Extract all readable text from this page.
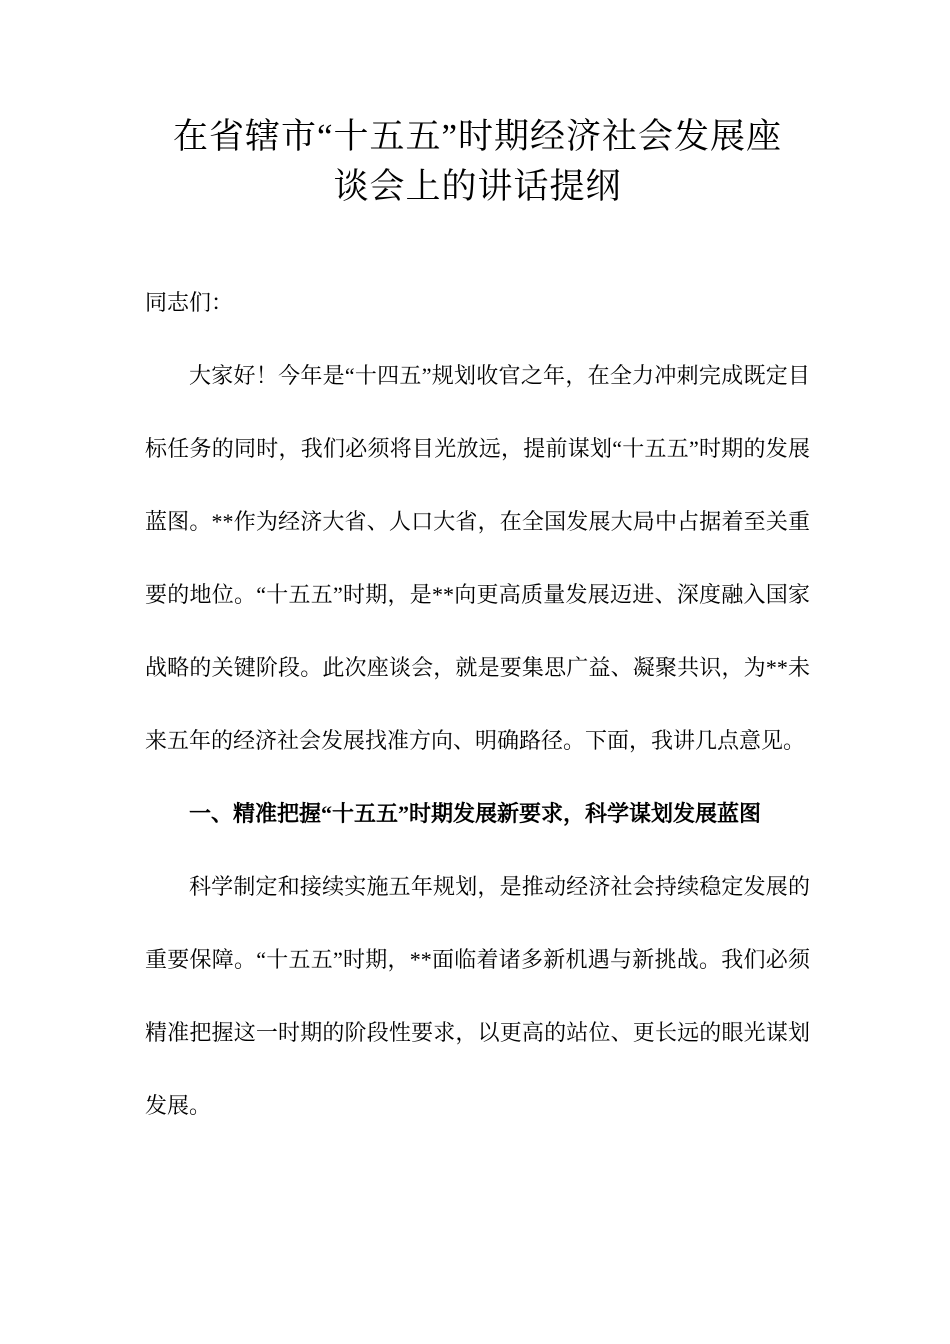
在省辖市“十五五”时期经济社会发展座
谈会上的讲话提纲

同志们：

大家好！今年是“十四五”规划收官之年，在全力冲刺完成既定目标任务的同时，我们必须将目光放远，提前谋划“十五五”时期的发展蓝图。**作为经济大省、人口大省，在全国发展大局中占据着至关重要的地位。“十五五”时期，是**向更高质量发展迈进、深度融入国家战略的关键阶段。此次座谈会，就是要集思广益、凝聚共识，为**未来五年的经济社会发展找准方向、明确路径。下面，我讲几点意见。

一、精准把握“十五五”时期发展新要求，科学谋划发展蓝图

科学制定和接续实施五年规划，是推动经济社会持续稳定发展的重要保障。“十五五”时期，**面临着诸多新机遇与新挑战。我们必须精准把握这一时期的阶段性要求，以更高的站位、更长远的眼光谋划发展。
